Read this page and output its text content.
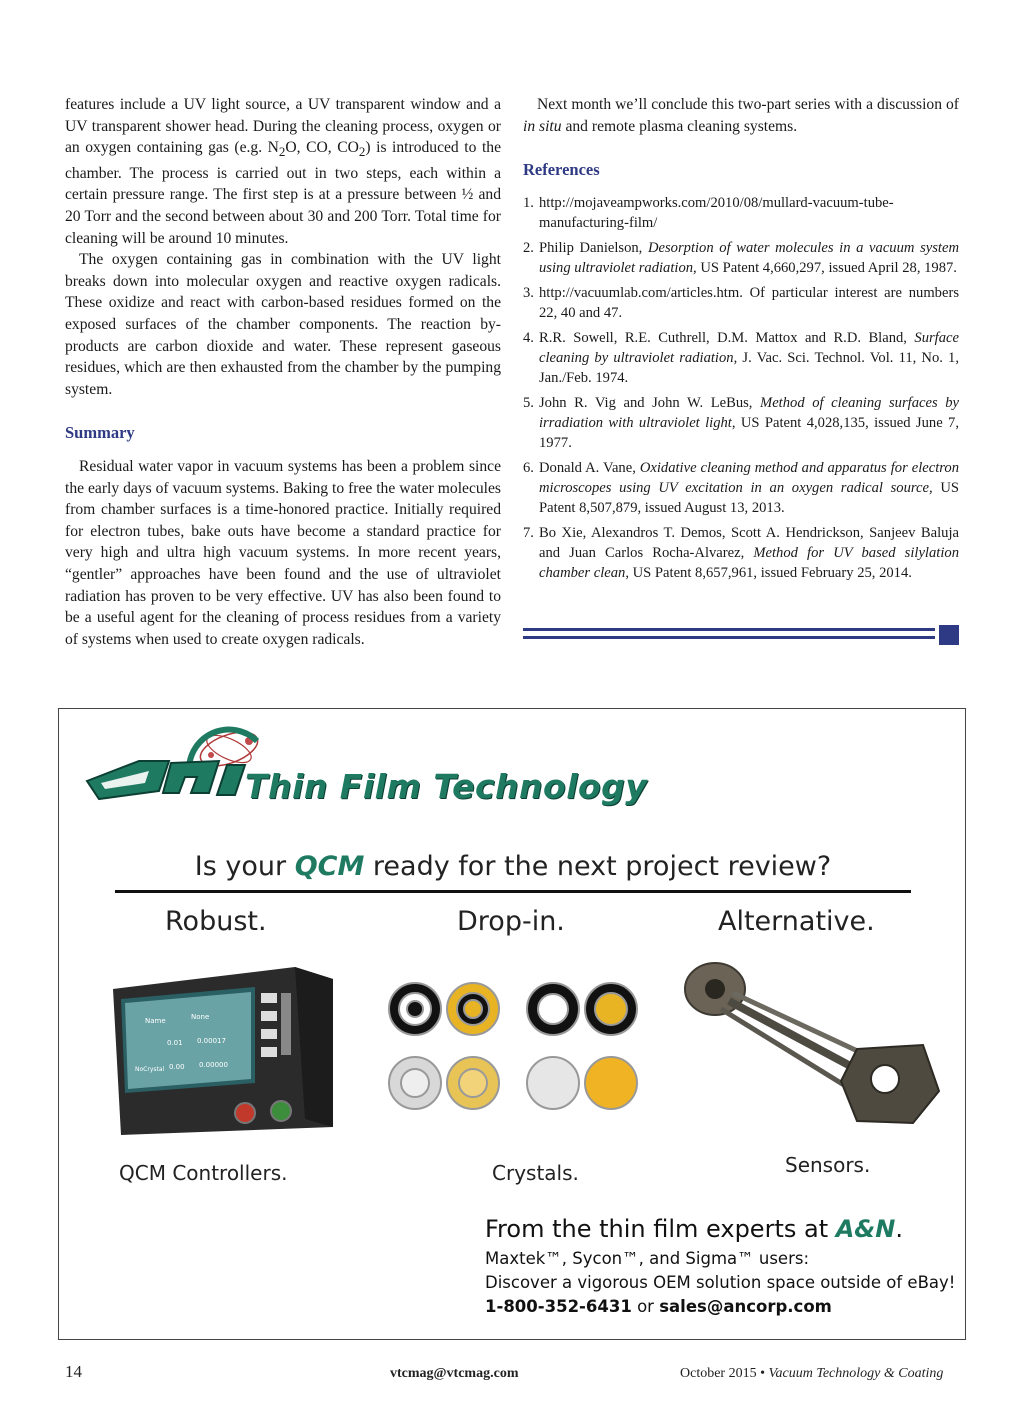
features include a UV light source, a UV transparent window and a UV transparent shower head. During the cleaning process, oxygen or an oxygen containing gas (e.g. $N_2O$, CO, $CO_2$) is introduced to the chamber. The process is carried out in two steps, each within a certain pressure range. The first step is at a pressure between ½ and 20 Torr and the second between about 30 and 200 Torr. Total time for cleaning will be around 10 minutes.

The oxygen containing gas in combination with the UV light breaks down into molecular oxygen and reactive oxygen radicals. These oxidize and react with carbon-based residues formed on the exposed surfaces of the chamber components. The reaction by-products are carbon dioxide and water. These represent gaseous residues, which are then exhausted from the chamber by the pumping system.

Summary

Residual water vapor in vacuum systems has been a problem since the early days of vacuum systems. Baking to free the water molecules from chamber surfaces is a time-honored practice. Initially required for electron tubes, bake outs have become a standard practice for very high and ultra high vacuum systems. In more recent years, “gentler” approaches have been found and the use of ultraviolet radiation has proven to be very effective. UV has also been found to be a useful agent for the cleaning of process residues from a variety of systems when used to create oxygen radicals.

Next month we’ll conclude this two-part series with a discussion of in situ and remote plasma cleaning systems.

References
1. http://mojaveampworks.com/2010/08/mullard-vacuum-tube-manufacturing-film/
2. Philip Danielson, Desorption of water molecules in a vacuum system using ultraviolet radiation, US Patent 4,660,297, issued April 28, 1987.
3. http://vacuumlab.com/articles.htm. Of particular interest are numbers 22, 40 and 47.
4. R.R. Sowell, R.E. Cuthrell, D.M. Mattox and R.D. Bland, Surface cleaning by ultraviolet radiation, J. Vac. Sci. Technol. Vol. 11, No. 1, Jan./Feb. 1974.
5. John R. Vig and John W. LeBus, Method of cleaning surfaces by irradiation with ultraviolet light, US Patent 4,028,135, issued June 7, 1977.
6. Donald A. Vane, Oxidative cleaning method and apparatus for electron microscopes using UV excitation in an oxygen radical source, US Patent 8,507,879, issued August 13, 2013.
7. Bo Xie, Alexandros T. Demos, Scott A. Hendrickson, Sanjeev Baluja and Juan Carlos Rocha-Alvarez, Method for UV based silylation chamber clean, US Patent 8,657,961, issued February 25, 2014.
Thin Film Technology
Is your QCM ready for the next project review?
Robust.	Drop-in.	Alternative.
Name	None
0.01 0.00017
0.00 0.00000
NoCrystal
QCM Controllers.	Crystals.	Sensors.
From the thin film experts at A&N.
Maxtek™, Sycon™, and Sigma™ users:
Discover a vigorous OEM solution space outside of eBay!
1-800-352-6431 or sales@ancorp.com
14	vtcmag@vtcmag.com	October 2015 • Vacuum Technology & Coating
